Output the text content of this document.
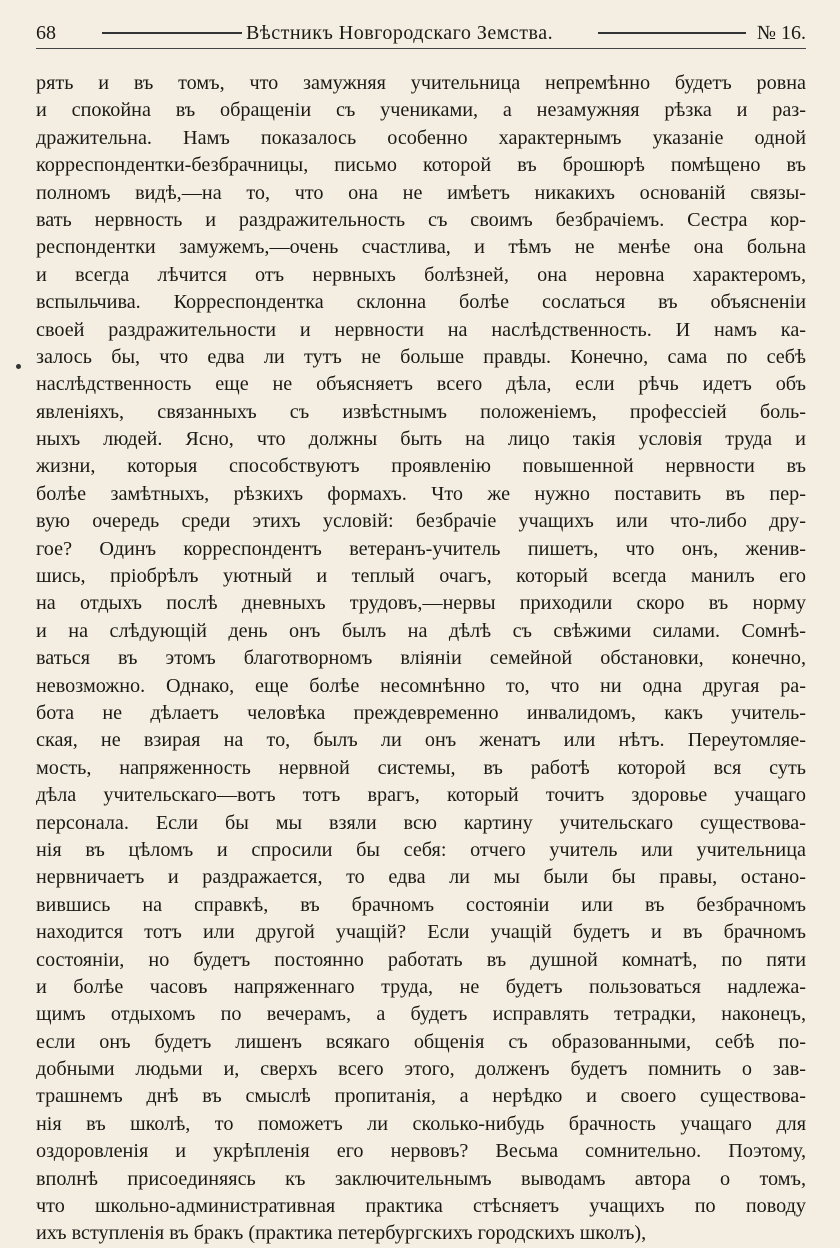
68	Вѣстникъ Новгородскаго Земства.	№ 16.
рять и въ томъ, что замужняя учительница непремѣнно будетъ ровна
и спокойна въ обращеніи съ учениками, а незамужняя рѣзка и раз-
дражительна. Намъ показалось особенно характернымъ указаніе одной
корреспондентки-безбрачницы, письмо которой въ брошюрѣ помѣщено въ
полномъ видѣ,—на то, что она не имѣетъ никакихъ основаній связы-
вать нервность и раздражительность съ своимъ безбрачіемъ. Сестра кор-
респондентки замужемъ,—очень счастлива, и тѣмъ не менѣе она больна
и всегда лѣчится отъ нервныхъ болѣзней, она неровна характеромъ,
вспыльчива. Корреспондентка склонна болѣе сослаться въ объясненіи
своей раздражительности и нервности на наслѣдственность. И намъ ка-
залось бы, что едва ли тутъ не больше правды. Конечно, сама по себѣ
наслѣдственность еще не объясняетъ всего дѣла, если рѣчь идетъ объ
явленіяхъ, связанныхъ съ извѣстнымъ положеніемъ, профессіей боль-
ныхъ людей. Ясно, что должны быть на лицо такія условія труда и
жизни, которыя способствуютъ проявленію повышенной нервности въ
болѣе замѣтныхъ, рѣзкихъ формахъ. Что же нужно поставить въ пер-
вую очередь среди этихъ условій: безбрачіе учащихъ или что-либо дру-
гое? Одинъ корреспондентъ ветеранъ-учитель пишетъ, что онъ, женив-
шись, пріобрѣлъ уютный и теплый очагъ, который всегда манилъ его
на отдыхъ послѣ дневныхъ трудовъ,—нервы приходили скоро въ норму
и на слѣдующій день онъ былъ на дѣлѣ съ свѣжими силами. Сомнѣ-
ваться въ этомъ благотворномъ вліяніи семейной обстановки, конечно,
невозможно. Однако, еще болѣе несомнѣнно то, что ни одна другая ра-
бота не дѣлаетъ человѣка преждевременно инвалидомъ, какъ учитель-
ская, не взирая на то, былъ ли онъ женатъ или нѣтъ. Переутомляе-
мость, напряженность нервной системы, въ работѣ которой вся суть
дѣла учительскаго—вотъ тотъ врагъ, который точитъ здоровье учащаго
персонала. Если бы мы взяли всю картину учительскаго существова-
нія въ цѣломъ и спросили бы себя: отчего учитель или учительница
нервничаетъ и раздражается, то едва ли мы были бы правы, остано-
вившись на справкѣ, въ брачномъ состояніи или въ безбрачномъ
находится тотъ или другой учащій? Если учащій будетъ и въ брачномъ
состояніи, но будетъ постоянно работать въ душной комнатѣ, по пяти
и болѣе часовъ напряженнаго труда, не будетъ пользоваться надлежа-
щимъ отдыхомъ по вечерамъ, а будетъ исправлять тетрадки, наконецъ,
если онъ будетъ лишенъ всякаго общенія съ образованными, себѣ по-
добными людьми и, сверхъ всего этого, долженъ будетъ помнить о зав-
трашнемъ днѣ въ смыслѣ пропитанія, а нерѣдко и своего существова-
нія въ школѣ, то поможетъ ли сколько-нибудь брачность учащаго для
оздоровленія и укрѣпленія его нервовъ? Весьма сомнительно. Поэтому,
вполнѣ присоединяясь къ заключительнымъ выводамъ автора о томъ,
что школьно-административная практика стѣсняетъ учащихъ по поводу
ихъ вступленія въ бракъ (практика петербургскихъ городскихъ школъ),
